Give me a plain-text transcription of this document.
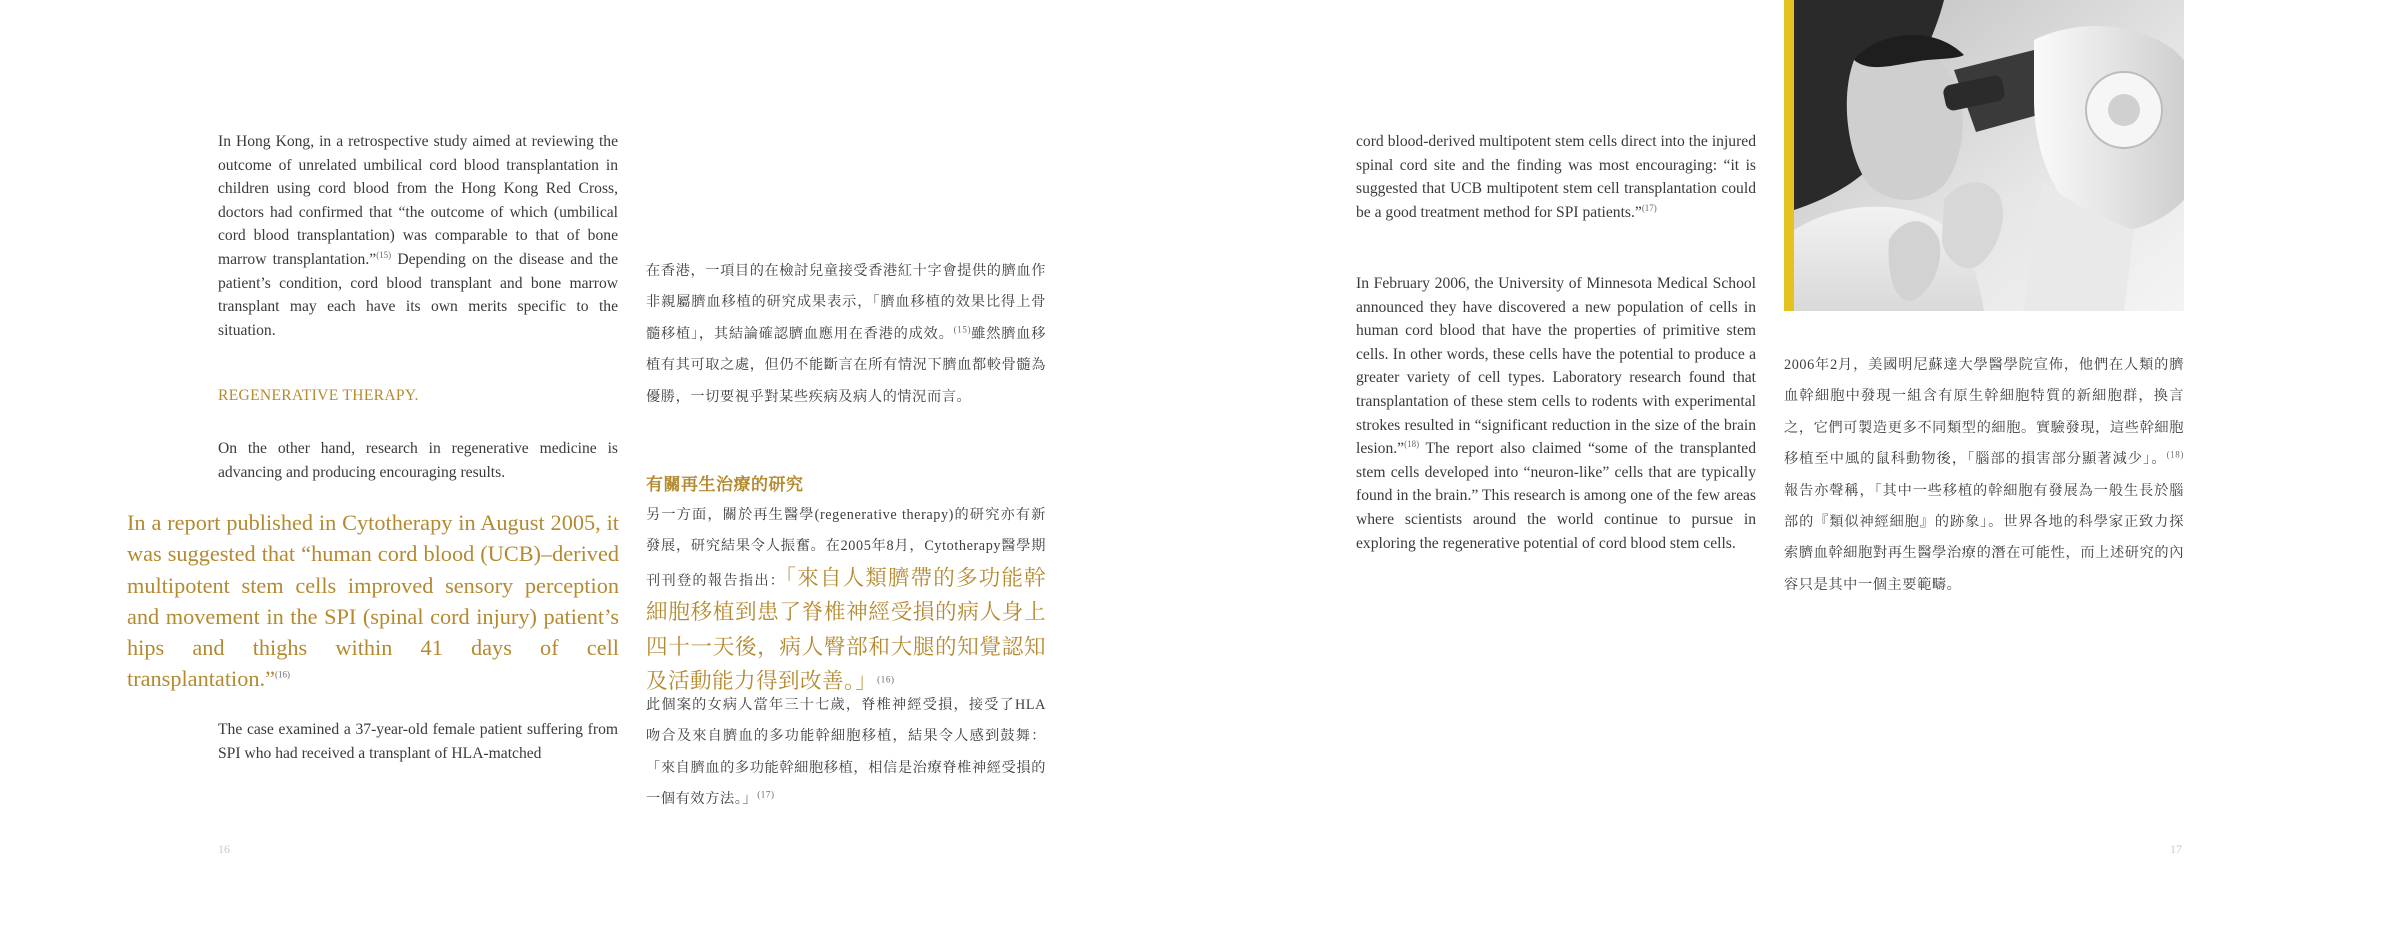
In Hong Kong, in a retrospective study aimed at reviewing the outcome of unrelated umbilical cord blood transplantation in children using cord blood from the Hong Kong Red Cross, doctors had confirmed that “the outcome of which (umbilical cord blood transplantation) was comparable to that of bone marrow transplantation.”$^{(15)}$ Depending on the disease and the patient’s condition, cord blood transplant and bone marrow transplant may each have its own merits specific to the situation.

REGENERATIVE THERAPY.

On the other hand, research in regenerative medicine is advancing and producing encouraging results.

In a report published in Cytotherapy in August 2005, it was suggested that “human cord blood (UCB)–derived multipotent stem cells improved sensory perception and movement in the SPI (spinal cord injury) patient’s hips and thighs within 41 days of cell transplantation.”$^{(16)}$

The case examined a 37-year-old female patient suffering from SPI who had received a transplant of HLA-matched

在香港，一項目的在檢討兒童接受香港紅十字會提供的臍血作非親屬臍血移植的研究成果表示，「臍血移植的效果比得上骨髓移植」，其結論確認臍血應用在香港的成效。$^{(15)}$雖然臍血移植有其可取之處，但仍不能斷言在所有情況下臍血都較骨髓為優勝，一切要視乎對某些疾病及病人的情況而言。

有關再生治療的研究

另一方面，關於再生醫學(regenerative therapy)的研究亦有新發展，研究結果令人振奮。在2005年8月，Cytotherapy醫學期刊刊登的報告指出：「來自人類臍帶的多功能幹細胞移植到患了脊椎神經受損的病人身上四十一天後，病人臀部和大腿的知覺認知及活動能力得到改善。」$^{(16)}$

此個案的女病人當年三十七歲，脊椎神經受損，接受了HLA吻合及來自臍血的多功能幹細胞移植，結果令人感到鼓舞：「來自臍血的多功能幹細胞移植，相信是治療脊椎神經受損的一個有效方法。」$^{(17)}$

16

cord blood-derived multipotent stem cells direct into the injured spinal cord site and the finding was most encouraging: “it is suggested that UCB multipotent stem cell transplantation could be a good treatment method for SPI patients.”$^{(17)}$

In February 2006, the University of Minnesota Medical School announced they have discovered a new population of cells in human cord blood that have the properties of primitive stem cells. In other words, these cells have the potential to produce a greater variety of cell types. Laboratory research found that transplantation of these stem cells to rodents with experimental strokes resulted in “significant reduction in the size of the brain lesion.”$^{(18)}$ The report also claimed “some of the transplanted stem cells developed into “neuron-like” cells that are typically found in the brain.” This research is among one of the few areas where scientists around the world continue to pursue in exploring the regenerative potential of cord blood stem cells.

2006年2月，美國明尼蘇達大學醫學院宣佈，他們在人類的臍血幹細胞中發現一組含有原生幹細胞特質的新細胞群，換言之，它們可製造更多不同類型的細胞。實驗發現，這些幹細胞移植至中風的鼠科動物後，「腦部的損害部分顯著減少」。$^{(18)}$報告亦聲稱，「其中一些移植的幹細胞有發展為一般生長於腦部的『類似神經細胞』的跡象」。世界各地的科學家正致力探索臍血幹細胞對再生醫學治療的潛在可能性，而上述研究的內容只是其中一個主要範疇。

17
